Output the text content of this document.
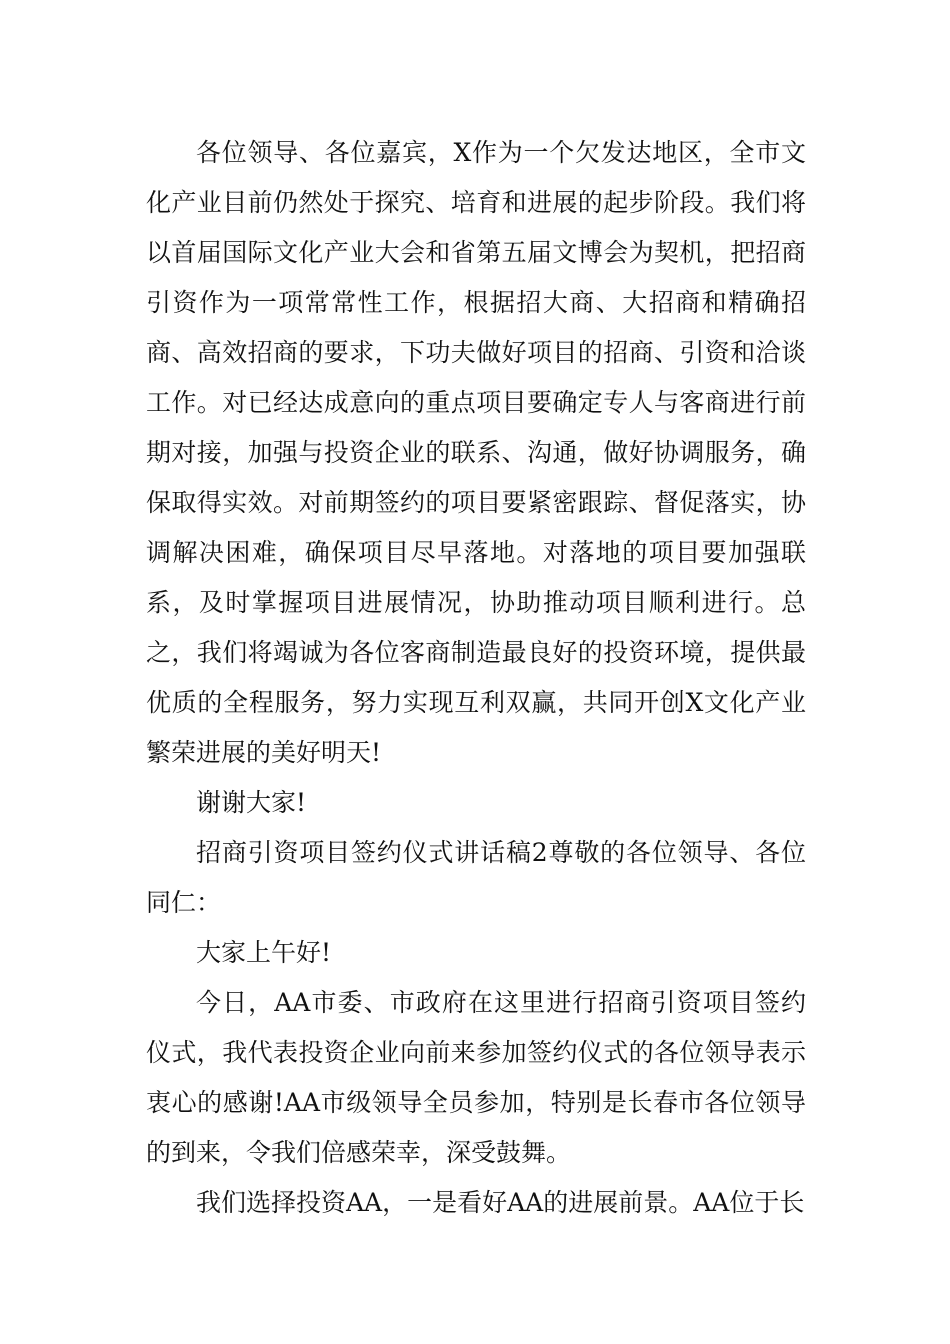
各位领导、各位嘉宾，X作为一个欠发达地区，全市文化产业目前仍然处于探究、培育和进展的起步阶段。我们将以首届国际文化产业大会和省第五届文博会为契机，把招商引资作为一项常常性工作，根据招大商、大招商和精确招商、高效招商的要求，下功夫做好项目的招商、引资和洽谈工作。对已经达成意向的重点项目要确定专人与客商进行前期对接，加强与投资企业的联系、沟通，做好协调服务，确保取得实效。对前期签约的项目要紧密跟踪、督促落实，协调解决困难，确保项目尽早落地。对落地的项目要加强联系，及时掌握项目进展情况，协助推动项目顺利进行。总之，我们将竭诚为各位客商制造最良好的投资环境，提供最优质的全程服务，努力实现互利双赢，共同开创X文化产业繁荣进展的美好明天!

谢谢大家!

招商引资项目签约仪式讲话稿2尊敬的各位领导、各位同仁：

大家上午好!

今日，AA市委、市政府在这里进行招商引资项目签约仪式，我代表投资企业向前来参加签约仪式的各位领导表示衷心的感谢!AA市级领导全员参加，特别是长春市各位领导的到来，令我们倍感荣幸，深受鼓舞。

我们选择投资AA，一是看好AA的进展前景。AA位于长
